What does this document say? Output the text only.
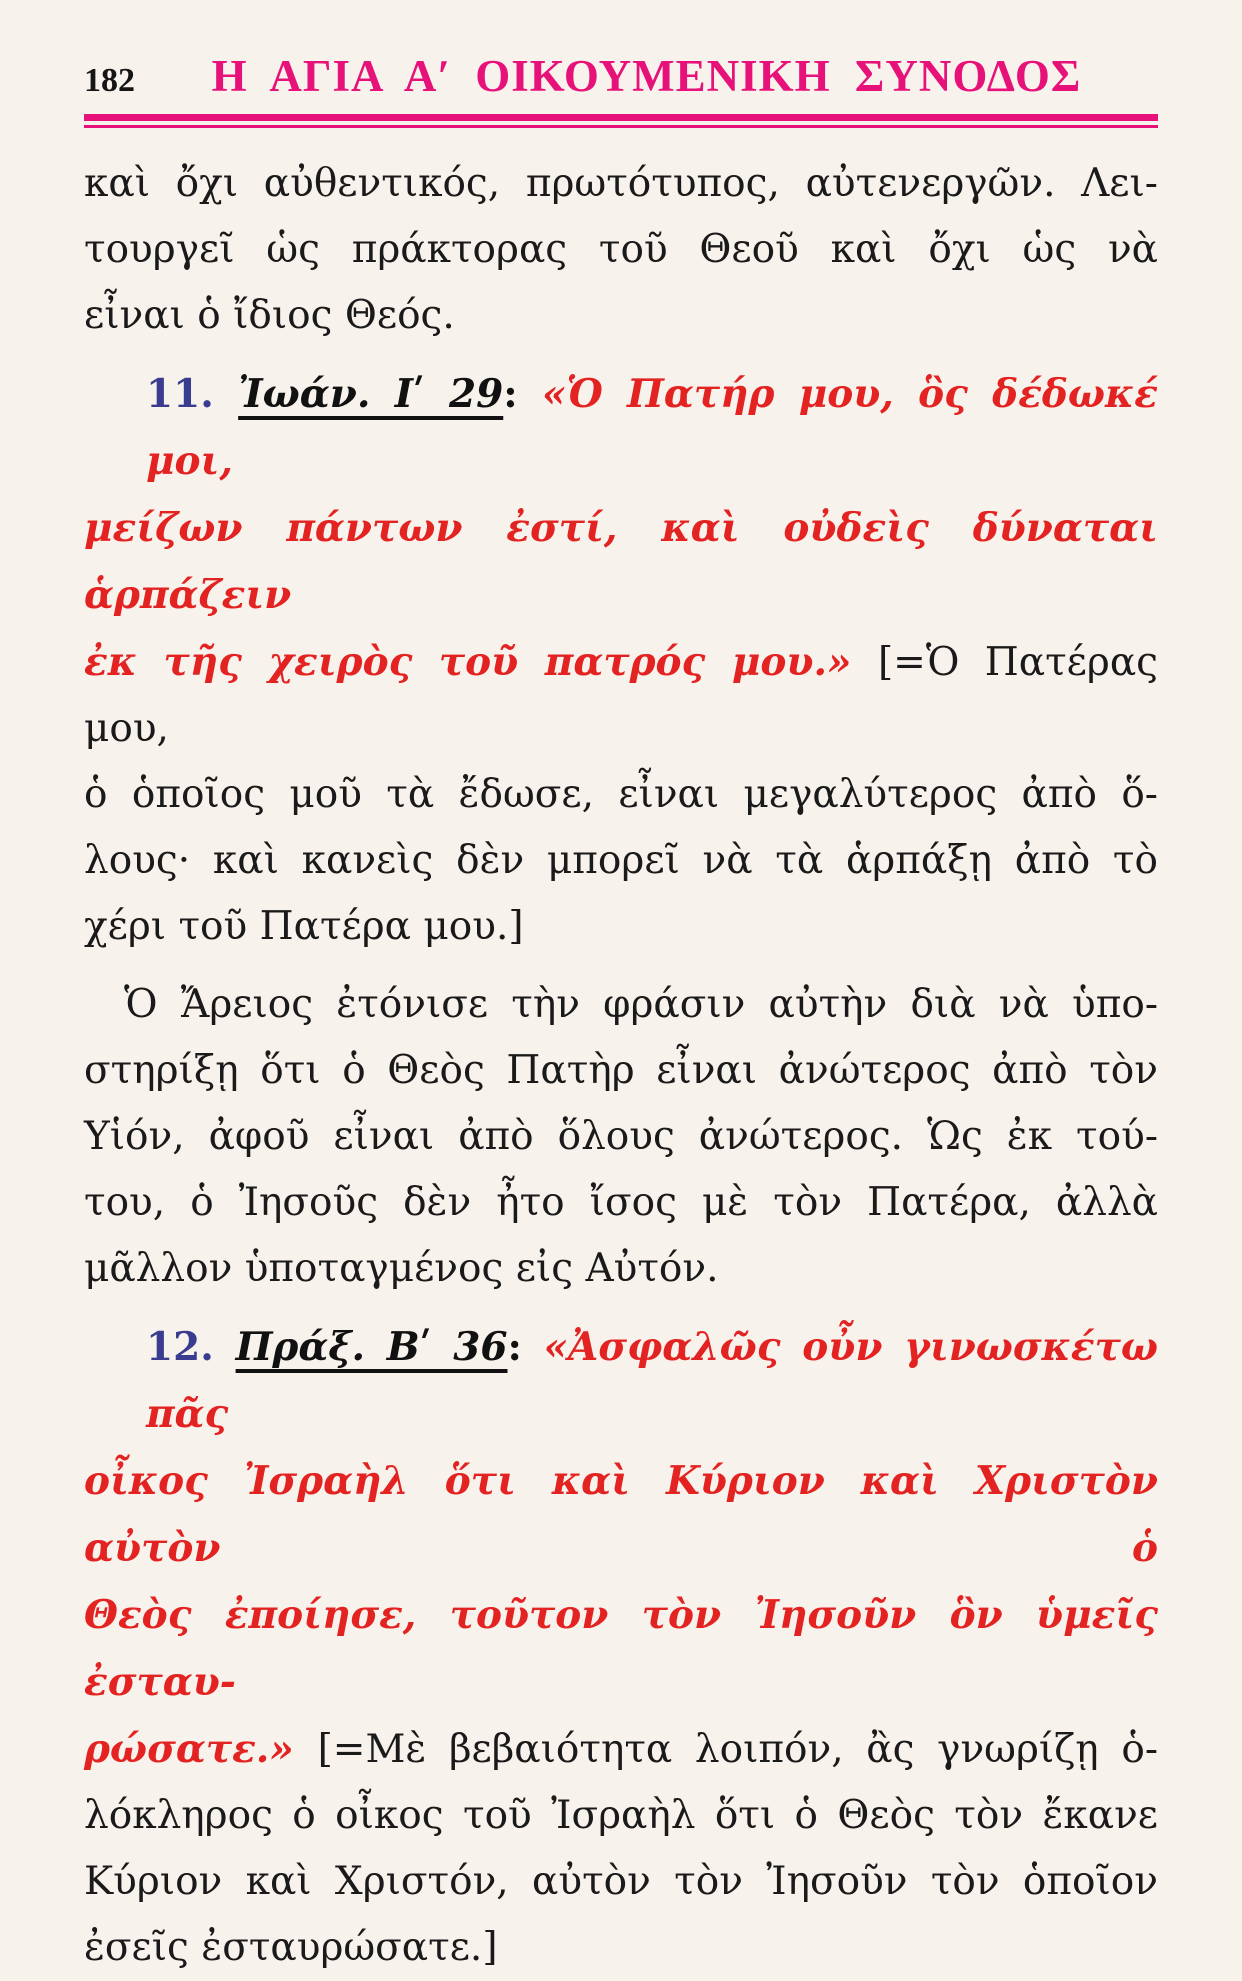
182	Η ΑΓΙΑ Αʹ ΟΙΚΟΥΜΕΝΙΚΗ ΣΥΝΟΔΟΣ
καὶ ὄχι αὐθεντικός, πρωτότυπος, αὐτενεργῶν. Λει-
τουργεῖ ὡς πράκτορας τοῦ Θεοῦ καὶ ὄχι ὡς νὰ
εἶναι ὁ ἴδιος Θεός.
11. Ἰωάν. Ιʹ 29: «Ὁ Πατήρ μου, ὃς δέδωκέ μοι,
μείζων πάντων ἐστί, καὶ οὐδεὶς δύναται ἁρπάζειν
ἐκ τῆς χειρὸς τοῦ πατρός μου.» [=Ὁ Πατέρας μου,
ὁ ὁποῖος μοῦ τὰ ἔδωσε, εἶναι μεγαλύτερος ἀπὸ ὅ-
λους· καὶ κανεὶς δὲν μπορεῖ νὰ τὰ ἁρπάξῃ ἀπὸ τὸ
χέρι τοῦ Πατέρα μου.]
Ὁ Ἄρειος ἐτόνισε τὴν φράσιν αὐτὴν διὰ νὰ ὑπο-
στηρίξῃ ὅτι ὁ Θεὸς Πατὴρ εἶναι ἀνώτερος ἀπὸ τὸν
Υἱόν, ἀφοῦ εἶναι ἀπὸ ὅλους ἀνώτερος. Ὡς ἐκ τού-
του, ὁ Ἰησοῦς δὲν ἦτο ἴσος μὲ τὸν Πατέρα, ἀλλὰ
μᾶλλον ὑποταγμένος εἰς Αὐτόν.
12. Πράξ. Βʹ 36: «Ἀσφαλῶς οὖν γινωσκέτω πᾶς
οἶκος Ἰσραὴλ ὅτι καὶ Κύριον καὶ Χριστὸν αὐτὸν ὁ
Θεὸς ἐποίησε, τοῦτον τὸν Ἰησοῦν ὃν ὑμεῖς ἐσταυ-
ρώσατε.» [=Μὲ βεβαιότητα λοιπόν, ἂς γνωρίζῃ ὁ-
λόκληρος ὁ οἶκος τοῦ Ἰσραὴλ ὅτι ὁ Θεὸς τὸν ἔκανε
Κύριον καὶ Χριστόν, αὐτὸν τὸν Ἰησοῦν τὸν ὁποῖον
ἐσεῖς ἐσταυρώσατε.]
